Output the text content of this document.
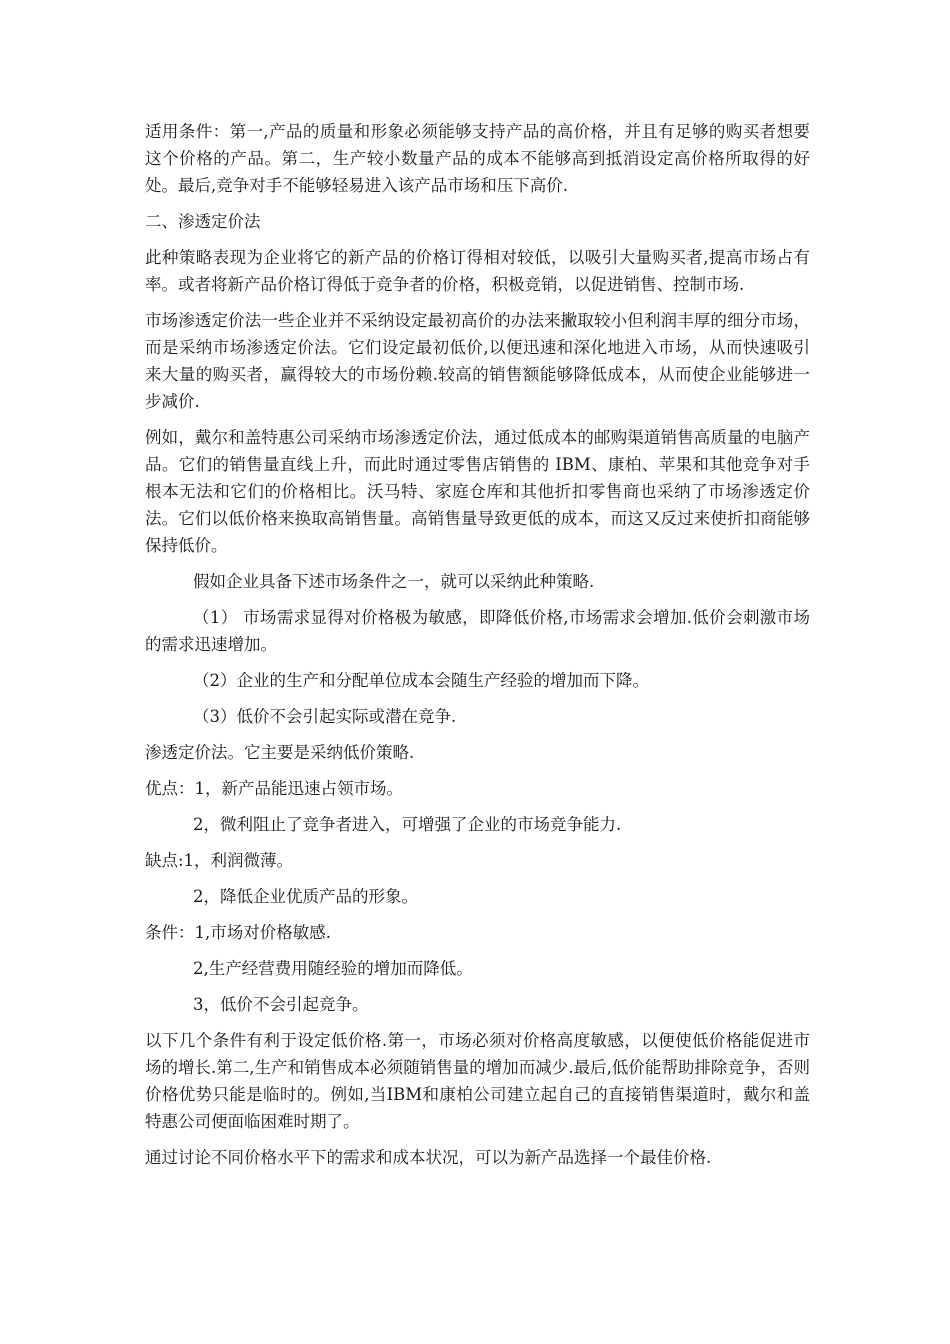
适用条件：第一,产品的质量和形象必须能够支持产品的高价格，并且有足够的购买者想要这个价格的产品。第二，生产较小数量产品的成本不能够高到抵消设定高价格所取得的好处。最后,竞争对手不能够轻易进入该产品市场和压下高价.

二、渗透定价法

此种策略表现为企业将它的新产品的价格订得相对较低，以吸引大量购买者,提高市场占有率。或者将新产品价格订得低于竞争者的价格，积极竞销，以促进销售、控制市场.

市场渗透定价法一些企业并不采纳设定最初高价的办法来撇取较小但利润丰厚的细分市场，而是采纳市场渗透定价法。它们设定最初低价,以便迅速和深化地进入市场，从而快速吸引来大量的购买者，赢得较大的市场份赖.较高的销售额能够降低成本，从而使企业能够进一步减价.

例如，戴尔和盖特惠公司采纳市场渗透定价法，通过低成本的邮购渠道销售高质量的电脑产品。它们的销售量直线上升，而此时通过零售店销售的 IBM、康柏、苹果和其他竞争对手根本无法和它们的价格相比。沃马特、家庭仓库和其他折扣零售商也采纳了市场渗透定价法。它们以低价格来换取高销售量。高销售量导致更低的成本，而这又反过来使折扣商能够保持低价。

假如企业具备下述市场条件之一，就可以采纳此种策略.

（1） 市场需求显得对价格极为敏感，即降低价格,市场需求会增加.低价会刺激市场的需求迅速增加。

（2）企业的生产和分配单位成本会随生产经验的增加而下降。

（3）低价不会引起实际或潜在竞争.

渗透定价法。它主要是采纳低价策略.

优点：1，新产品能迅速占领市场。

2，微利阻止了竞争者进入，可增强了企业的市场竞争能力.

缺点:1，利润微薄。

2，降低企业优质产品的形象。

条件：1,市场对价格敏感.

2,生产经营费用随经验的增加而降低。

3，低价不会引起竞争。

以下几个条件有利于设定低价格.第一，市场必须对价格高度敏感，以便使低价格能促进市场的增长.第二,生产和销售成本必须随销售量的增加而减少.最后,低价能帮助排除竞争，否则价格优势只能是临时的。例如,当IBM和康柏公司建立起自己的直接销售渠道时，戴尔和盖特惠公司便面临困难时期了。

通过讨论不同价格水平下的需求和成本状况，可以为新产品选择一个最佳价格.
